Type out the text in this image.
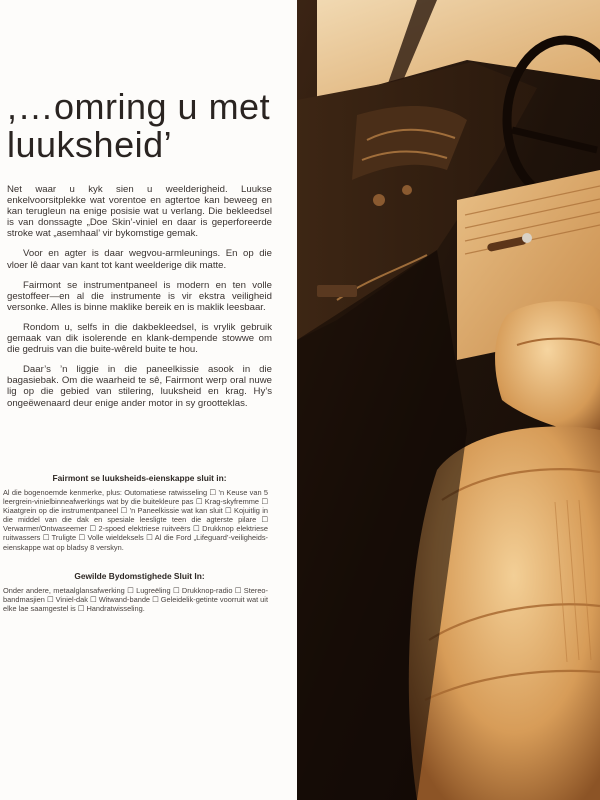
,…omring u met
luuksheid’

Net waar u kyk sien u weelderigheid. Luukse enkelvoorsitplekke wat vorentoe en agtertoe kan beweeg en kan terugleun na enige posisie wat u verlang. Die bekleedsel is van donssagte „Doe Skin’-viniel en daar is geperforeerde stroke wat „asemhaal’ vir bykomstige gemak.

Voor en agter is daar wegvou-armleunings. En op die vloer lê daar van kant tot kant weelderige dik matte.

Fairmont se instrumentpaneel is modern en ten volle gestoffeer—en al die instrumente is vir ekstra veiligheid versonke. Alles is binne maklike bereik en is maklik leesbaar.

Rondom u, selfs in die dakbekleedsel, is vrylik gebruik gemaak van dik isolerende en klank-dempende stowwe om die gedruis van die buite-wêreld buite te hou.

Daar’s ’n liggie in die paneelkissie asook in die bagasiebak. Om die waarheid te sê, Fairmont werp oral nuwe lig op die gebied van stilering, luuksheid en krag. Hy’s ongeëwenaard deur enige ander motor in sy grootteklas.

Fairmont se luuksheids-eienskappe sluit in:
Al die bogenoemde kenmerke, plus: Outomatiese ratwisseling ☐ ’n Keuse van 5 leergrein-vinielbinneafwerkings wat by die buitekleure pas ☐ Krag-skyfremme ☐ Kiaatgrein op die instrumentpaneel ☐ ’n Paneelkissie wat kan sluit ☐ Kojuitlig in die middel van die dak en spesiale leesligte teen die agterste pilare ☐ Verwarmer/Ontwaseemer ☐ 2-spoed elektriese ruitveërs ☐ Drukknop elektriese ruitwassers ☐ Truligte ☐ Volle wieldeksels ☐ Al die Ford „Lifeguard’-veiligheids-eienskappe wat op bladsy 8 verskyn.
Gewilde Bydomstighede Sluit In:
Onder andere, metaalglansafwerking ☐ Lugreëling ☐ Drukknop-radio ☐ Stereo-bandmasjien ☐ Viniel-dak ☐ Witwand-bande ☐ Geleidelik-getinte voorruit wat uit elke lae saamgestel is ☐ Handratwisseling.
